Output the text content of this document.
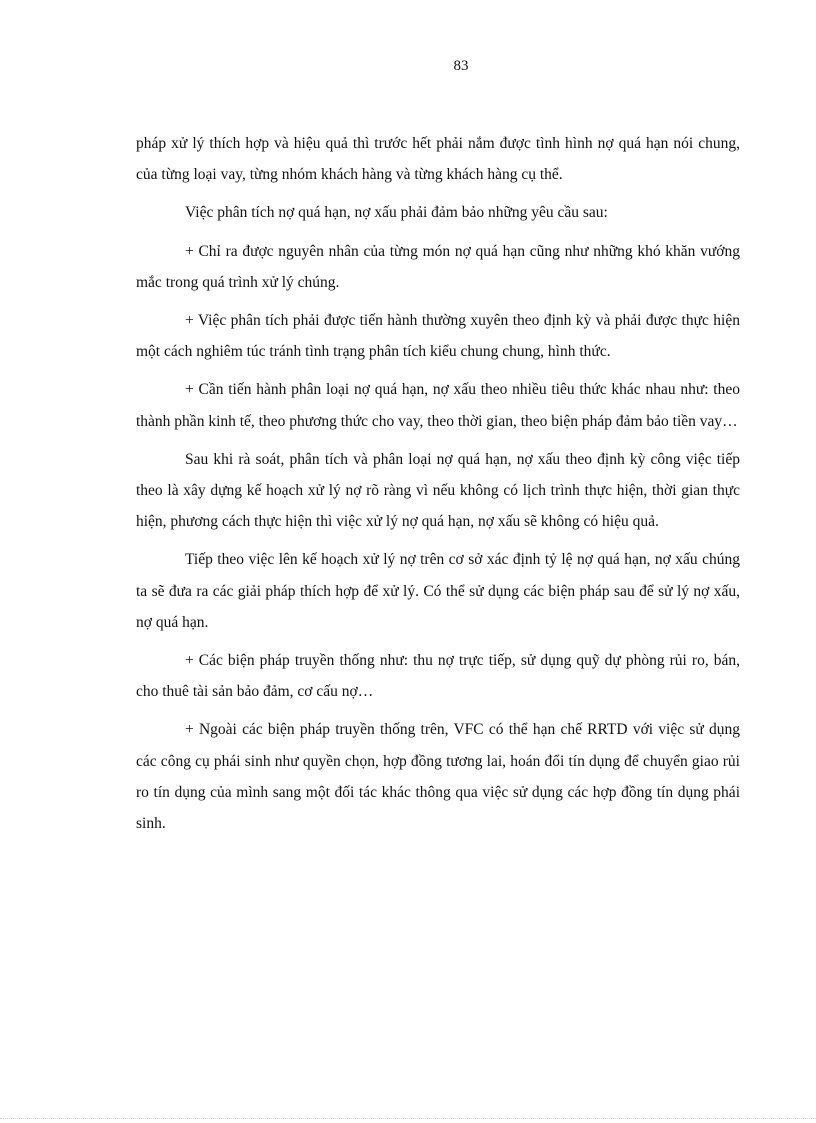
83

pháp xử lý thích hợp và hiệu quả thì trước hết phải nắm được tình hình nợ quá hạn nói chung, của từng loại vay, từng nhóm khách hàng và từng khách hàng cụ thể.

Việc phân tích nợ quá hạn, nợ xấu phải đảm bảo những yêu cầu sau:

+ Chỉ ra được nguyên nhân của từng món nợ quá hạn cũng như những khó khăn vướng mắc trong quá trình xử lý chúng.

+ Việc phân tích phải được tiến hành thường xuyên theo định kỳ và phải được thực hiện một cách nghiêm túc tránh tình trạng phân tích kiểu chung chung, hình thức.

+ Cần tiến hành phân loại nợ quá hạn, nợ xấu theo nhiều tiêu thức khác nhau như: theo thành phần kinh tế, theo phương thức cho vay, theo thời gian, theo biện pháp đảm bảo tiền vay…

Sau khi rà soát, phân tích và phân loại nợ quá hạn, nợ xấu theo định kỳ công việc tiếp theo là xây dựng kế hoạch xử lý nợ rõ ràng vì nếu không có lịch trình thực hiện, thời gian thực hiện, phương cách thực hiện thì việc xử lý nợ quá hạn, nợ xấu sẽ không có hiệu quả.

Tiếp theo việc lên kế hoạch xử lý nợ trên cơ sở xác định tỷ lệ nợ quá hạn, nợ xấu chúng ta sẽ đưa ra các giải pháp thích hợp để xử lý. Có thể sử dụng các biện pháp sau để sử lý nợ xấu, nợ quá hạn.

+ Các biện pháp truyền thống như: thu nợ trực tiếp, sử dụng quỹ dự phòng rủi ro, bán, cho thuê tài sản bảo đảm, cơ cấu nợ…

+ Ngoài các biện pháp truyền thống trên, VFC có thể hạn chế RRTD với việc sử dụng các công cụ phái sinh như quyền chọn, hợp đồng tương lai, hoán đổi tín dụng để chuyển giao rủi ro tín dụng của mình sang một đối tác khác thông qua việc sử dụng các hợp đồng tín dụng phái sinh.
